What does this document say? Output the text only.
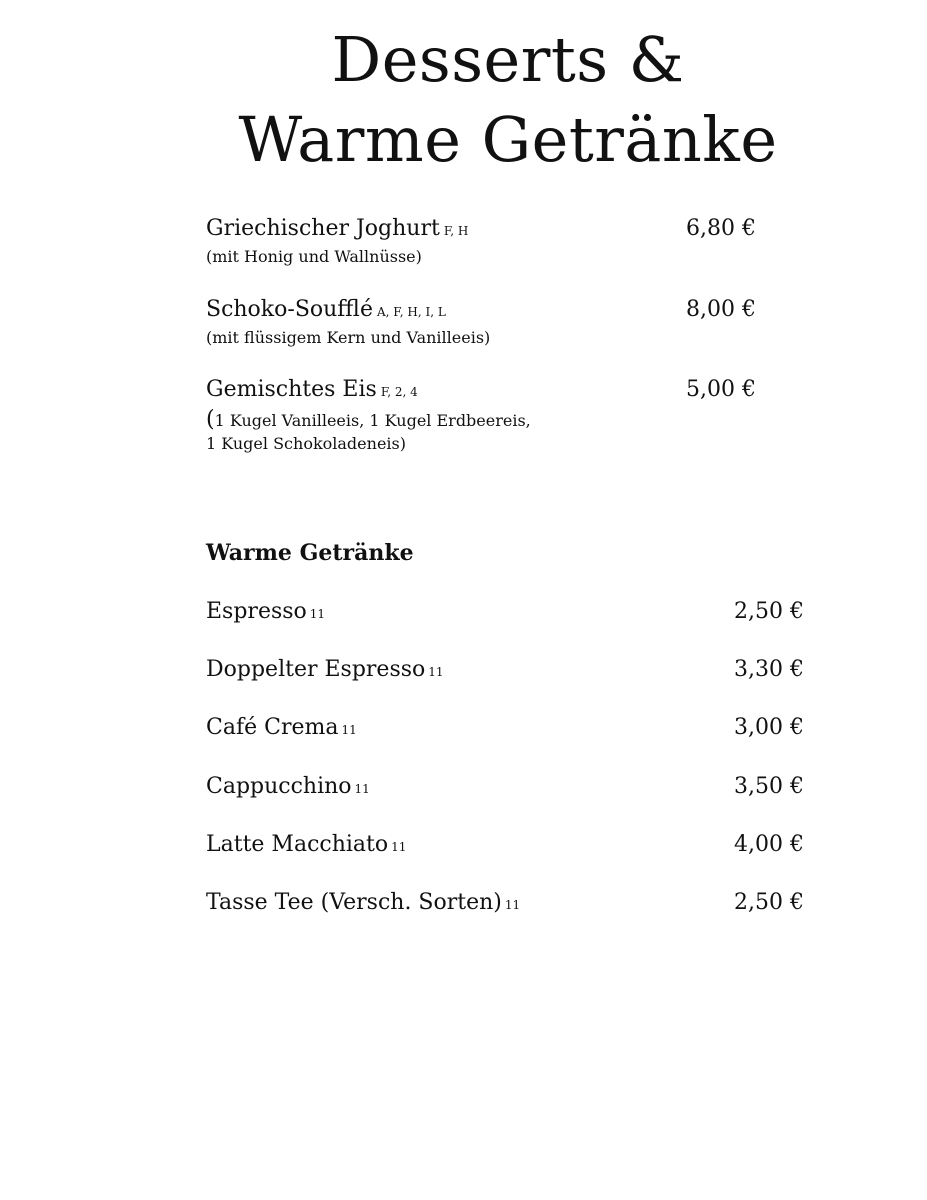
Desserts &
Warme Getränke
Griechischer Joghurt F, H
(mit Honig und Wallnüsse)
6,80 €
Schoko-Soufflé A, F, H, I, L
(mit flüssigem Kern und Vanilleeis)
8,00 €
Gemischtes Eis F, 2, 4
(1 Kugel Vanilleeis, 1 Kugel Erdbeereis,
1 Kugel Schokoladeneis)
5,00 €
Warme Getränke
Espresso 11	2,50 €
Doppelter Espresso 11	3,30 €
Café Crema 11	3,00 €
Cappucchino 11	3,50 €
Latte Macchiato 11	4,00 €
Tasse Tee (Versch. Sorten) 11	2,50 €
